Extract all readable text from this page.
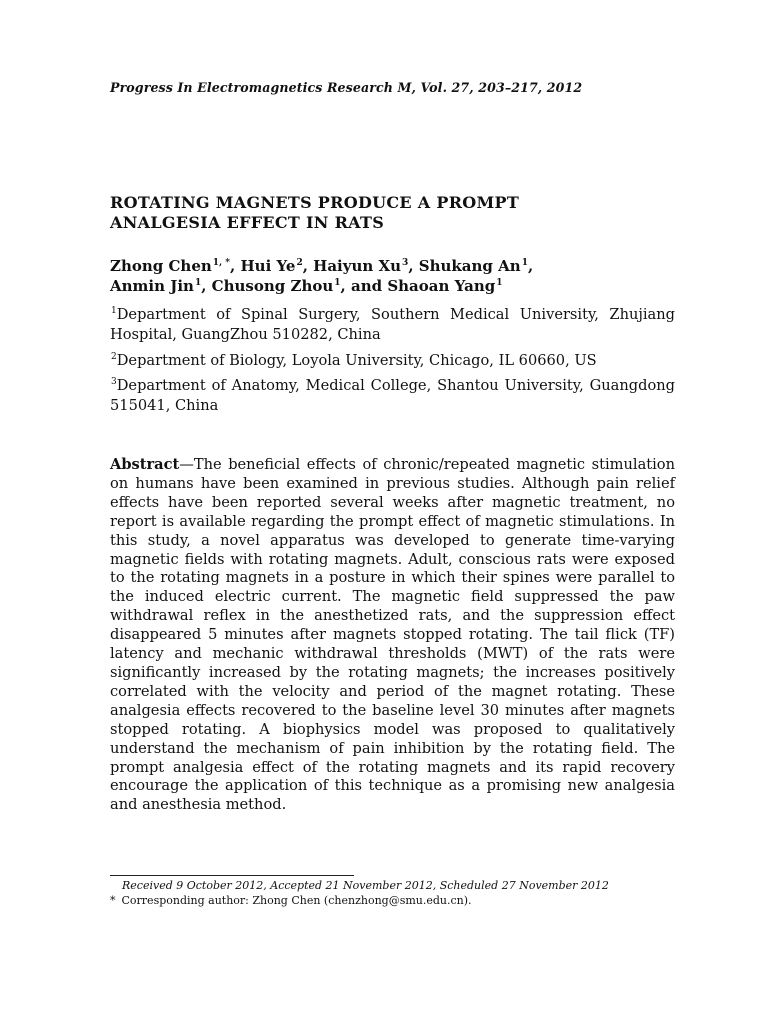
Progress In Electromagnetics Research M, Vol. 27, 203–217, 2012
ROTATING MAGNETS PRODUCE A PROMPT
ANALGESIA EFFECT IN RATS
Zhong Chen$^{1, *}$, Hui Ye$^2$, Haiyun Xu$^3$, Shukang An$^1$,
Anmin Jin$^1$, Chusong Zhou$^1$, and Shaoan Yang$^1$
$^1$Department of Spinal Surgery, Southern Medical University, Zhujiang Hospital, GuangZhou 510282, China
$^2$Department of Biology, Loyola University, Chicago, IL 60660, US
$^3$Department of Anatomy, Medical College, Shantou University, Guangdong 515041, China

Abstract—The beneficial effects of chronic/repeated magnetic stimulation on humans have been examined in previous studies. Although pain relief effects have been reported several weeks after magnetic treatment, no report is available regarding the prompt effect of magnetic stimulations. In this study, a novel apparatus was developed to generate time-varying magnetic fields with rotating magnets. Adult, conscious rats were exposed to the rotating magnets in a posture in which their spines were parallel to the induced electric current. The magnetic field suppressed the paw withdrawal reflex in the anesthetized rats, and the suppression effect disappeared 5 minutes after magnets stopped rotating. The tail flick (TF) latency and mechanic withdrawal thresholds (MWT) of the rats were significantly increased by the rotating magnets; the increases positively correlated with the velocity and period of the magnet rotating. These analgesia effects recovered to the baseline level 30 minutes after magnets stopped rotating. A biophysics model was proposed to qualitatively understand the mechanism of pain inhibition by the rotating field. The prompt analgesia effect of the rotating magnets and its rapid recovery encourage the application of this technique as a promising new analgesia and anesthesia method.

Received 9 October 2012, Accepted 21 November 2012, Scheduled 27 November 2012
* Corresponding author: Zhong Chen (chenzhong@smu.edu.cn).
